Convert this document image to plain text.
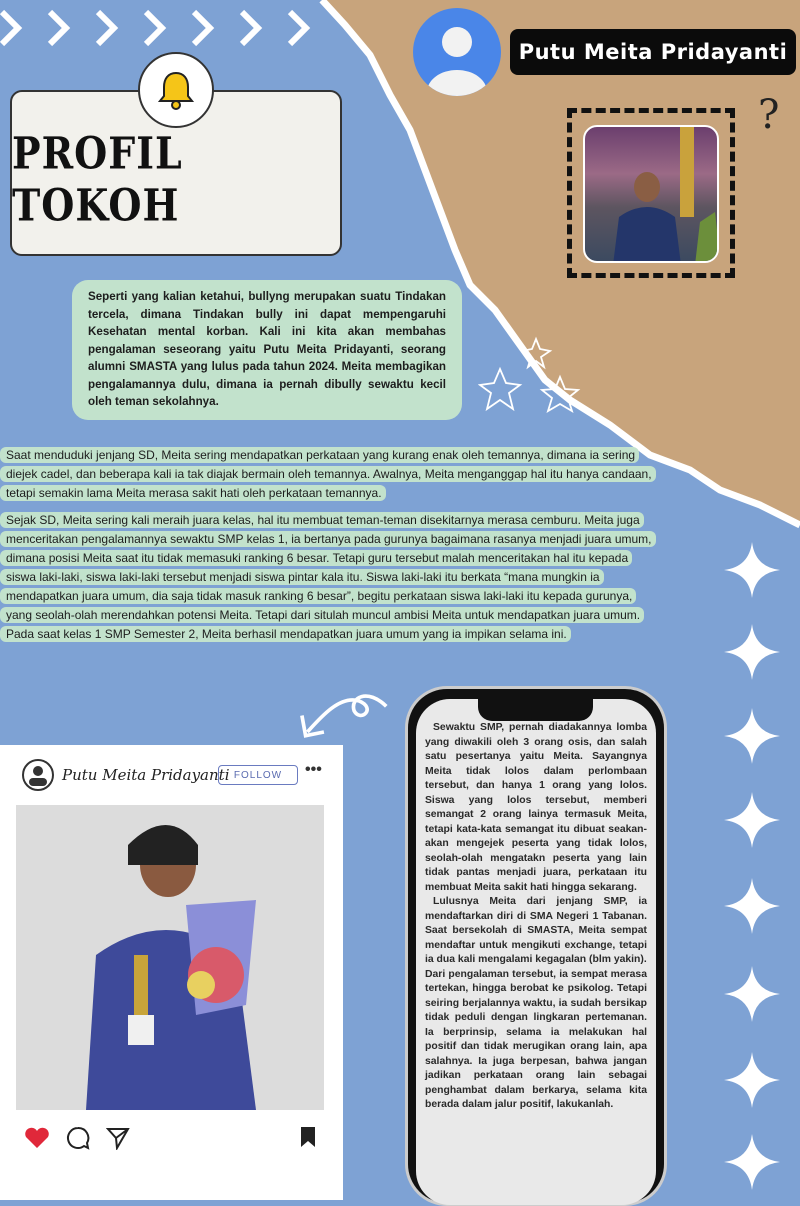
PROFIL TOKOH
Putu Meita Pridayanti
?
Seperti yang kalian ketahui, bullyng merupakan suatu Tindakan tercela, dimana Tindakan bully ini dapat mempengaruhi Kesehatan mental korban. Kali ini kita akan membahas pengalaman seseorang yaitu Putu Meita Pridayanti, seorang alumni SMASTA yang lulus pada tahun 2024. Meita membagikan pengalamannya dulu, dimana ia pernah dibully sewaktu kecil oleh teman sekolahnya.

Saat menduduki jenjang SD, Meita sering mendapatkan perkataan yang kurang enak oleh temannya, dimana ia sering diejek cadel, dan beberapa kali ia tak diajak bermain oleh temannya. Awalnya, Meita menganggap hal itu hanya candaan, tetapi semakin lama Meita merasa sakit hati oleh perkataan temannya.

Sejak SD, Meita sering kali meraih juara kelas, hal itu membuat teman-teman disekitarnya merasa cemburu. Meita juga menceritakan pengalamannya sewaktu SMP kelas 1, ia bertanya pada gurunya bagaimana rasanya menjadi juara umum, dimana posisi Meita saat itu tidak memasuki ranking 6 besar. Tetapi guru tersebut malah menceritakan hal itu kepada siswa laki-laki, siswa laki-laki tersebut menjadi siswa pintar kala itu. Siswa laki-laki itu berkata “mana mungkin ia mendapatkan juara umum, dia saja tidak masuk ranking 6 besar”, begitu perkataan siswa laki-laki itu kepada gurunya, yang seolah-olah merendahkan potensi Meita. Tetapi dari situlah muncul ambisi Meita untuk mendapatkan juara umum. Pada saat kelas 1 SMP Semester 2, Meita berhasil mendapatkan juara umum yang ia impikan selama ini.

Putu Meita Pridayanti FOLLOW	•••

Sewaktu SMP, pernah diadakannya lomba yang diwakili oleh 3 orang osis, dan salah satu pesertanya yaitu Meita. Sayangnya Meita tidak lolos dalam perlombaan tersebut, dan hanya 1 orang yang lolos. Siswa yang lolos tersebut, memberi semangat 2 orang lainya termasuk Meita, tetapi kata-kata semangat itu dibuat seakan-akan mengejek peserta yang tidak lolos, seolah-olah mengatakn peserta yang lain tidak pantas menjadi juara, perkataan itu membuat Meita sakit hati hingga sekarang.

Lulusnya Meita dari jenjang SMP, ia mendaftarkan diri di SMA Negeri 1 Tabanan. Saat bersekolah di SMASTA, Meita sempat mendaftar untuk mengikuti exchange, tetapi ia dua kali mengalami kegagalan (blm yakin).

Dari pengalaman tersebut, ia sempat merasa tertekan, hingga berobat ke psikolog. Tetapi seiring berjalannya waktu, ia sudah bersikap tidak peduli dengan lingkaran pertemanan. Ia berprinsip, selama ia melakukan hal positif dan tidak merugikan orang lain, apa salahnya. Ia juga berpesan, bahwa jangan jadikan perkataan orang lain sebagai penghambat dalam berkarya, selama kita berada dalam jalur positif, lakukanlah.
